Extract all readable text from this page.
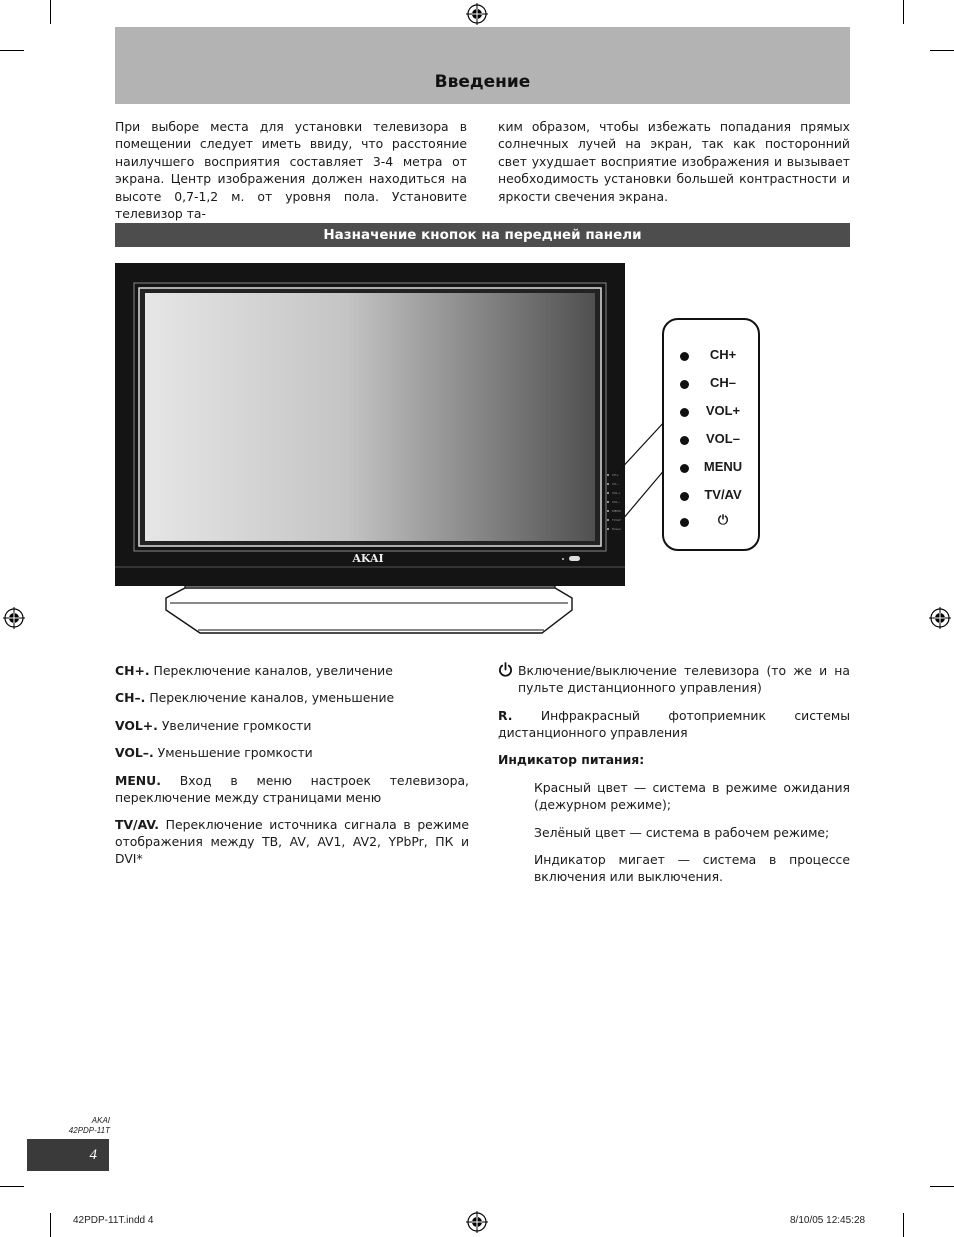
Введение

При выборе места для установки телевизора в помещении следует иметь ввиду, что расстояние наилучшего восприятия составляет 3-4 метра от экрана. Центр изображения должен находиться на высоте 0,7-1,2 м. от уровня пола. Установите телевизор та-

ким образом, чтобы избежать попадания прямых солнечных лучей на экран, так как посторонний свет ухудшает восприятие изображения и вызывает необходимость установки большей контрастности и яркости свечения экрана.

Назначение кнопок на передней панели
CH+
CH−
VOL+
VOL−
MENU
TV/AV
Power
AKAI
CH+
CH–
VOL+
VOL–
MENU
TV/AV
⏻

CH+. Переключение каналов, увеличение

CH–. Переключение каналов, уменьшение

VOL+. Увеличение громкости

VOL–. Уменьшение громкости

MENU. Вход в меню настроек телевизора, переключение между страницами меню

TV/AV. Переключение источника сигнала в режиме отображения между ТВ, AV, AV1, AV2, YPbPr, ПК и DVI*

Включение/выключение телевизора (то же и на пульте дистанционного управления)

R. Инфракрасный фотоприемник системы дистанционного управления

Индикатор питания:

Красный цвет — система в режиме ожидания (дежурном режиме);

Зелёный цвет — система в рабочем режиме;

Индикатор мигает — система в процессе включения или выключения.

AKAI
42PDP-11T
4
42PDP-11T.indd 4	8/10/05 12:45:28
